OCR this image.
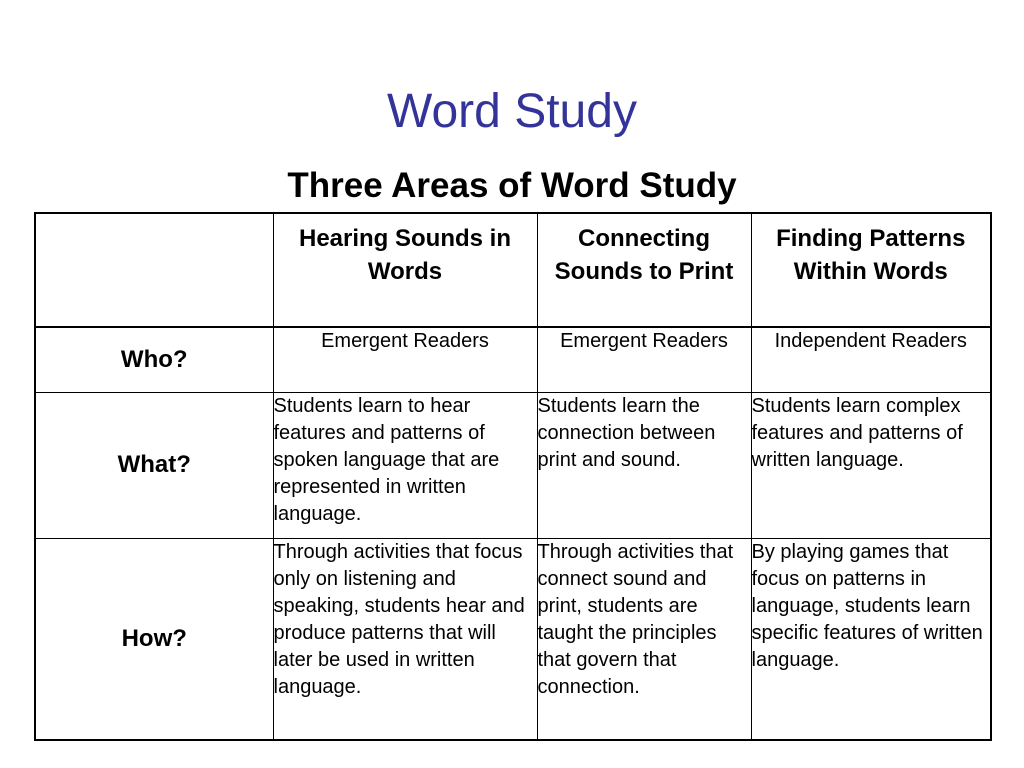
Word Study
Three Areas of Word Study
	Hearing Sounds in Words	Connecting Sounds to Print	Finding Patterns Within Words
Who?	Emergent Readers	Emergent Readers	Independent Readers
What?	Students learn to hear features and patterns of spoken language that are represented in written language.	Students learn the connection between print and sound.	Students learn complex features and patterns of written language.
How?	Through activities that focus only on listening and speaking, students hear and produce patterns that will later be used in written language.	Through activities that connect sound and print, students are taught the principles that govern that connection.	By playing games that focus on patterns in language, students learn specific features of written language.
